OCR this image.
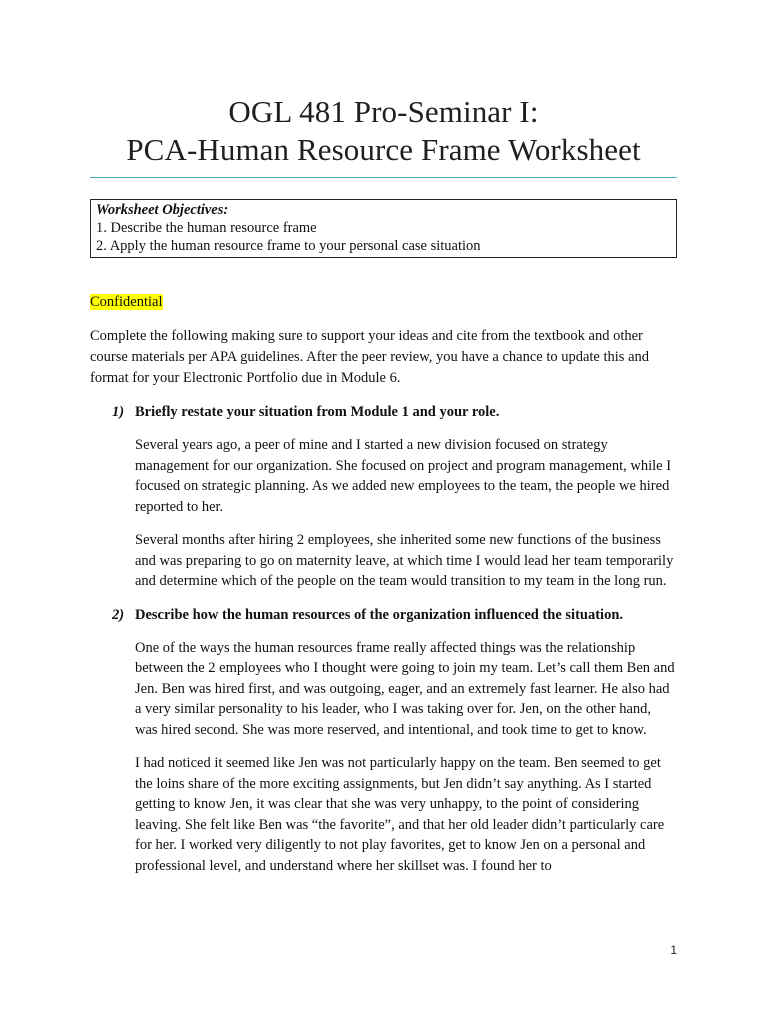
OGL 481 Pro-Seminar I:
PCA-Human Resource Frame Worksheet
Worksheet Objectives:
1. Describe the human resource frame
2. Apply the human resource frame to your personal case situation
Confidential
Complete the following making sure to support your ideas and cite from the textbook and other course materials per APA guidelines. After the peer review, you have a chance to update this and format for your Electronic Portfolio due in Module 6.
1) Briefly restate your situation from Module 1 and your role.
Several years ago, a peer of mine and I started a new division focused on strategy management for our organization. She focused on project and program management, while I focused on strategic planning. As we added new employees to the team, the people we hired reported to her.
Several months after hiring 2 employees, she inherited some new functions of the business and was preparing to go on maternity leave, at which time I would lead her team temporarily and determine which of the people on the team would transition to my team in the long run.
2) Describe how the human resources of the organization influenced the situation.
One of the ways the human resources frame really affected things was the relationship between the 2 employees who I thought were going to join my team. Let’s call them Ben and Jen. Ben was hired first, and was outgoing, eager, and an extremely fast learner. He also had a very similar personality to his leader, who I was taking over for. Jen, on the other hand, was hired second. She was more reserved, and intentional, and took time to get to know.
I had noticed it seemed like Jen was not particularly happy on the team. Ben seemed to get the loins share of the more exciting assignments, but Jen didn’t say anything. As I started getting to know Jen, it was clear that she was very unhappy, to the point of considering leaving. She felt like Ben was “the favorite”, and that her old leader didn’t particularly care for her. I worked very diligently to not play favorites, get to know Jen on a personal and professional level, and understand where her skillset was. I found her to
1
